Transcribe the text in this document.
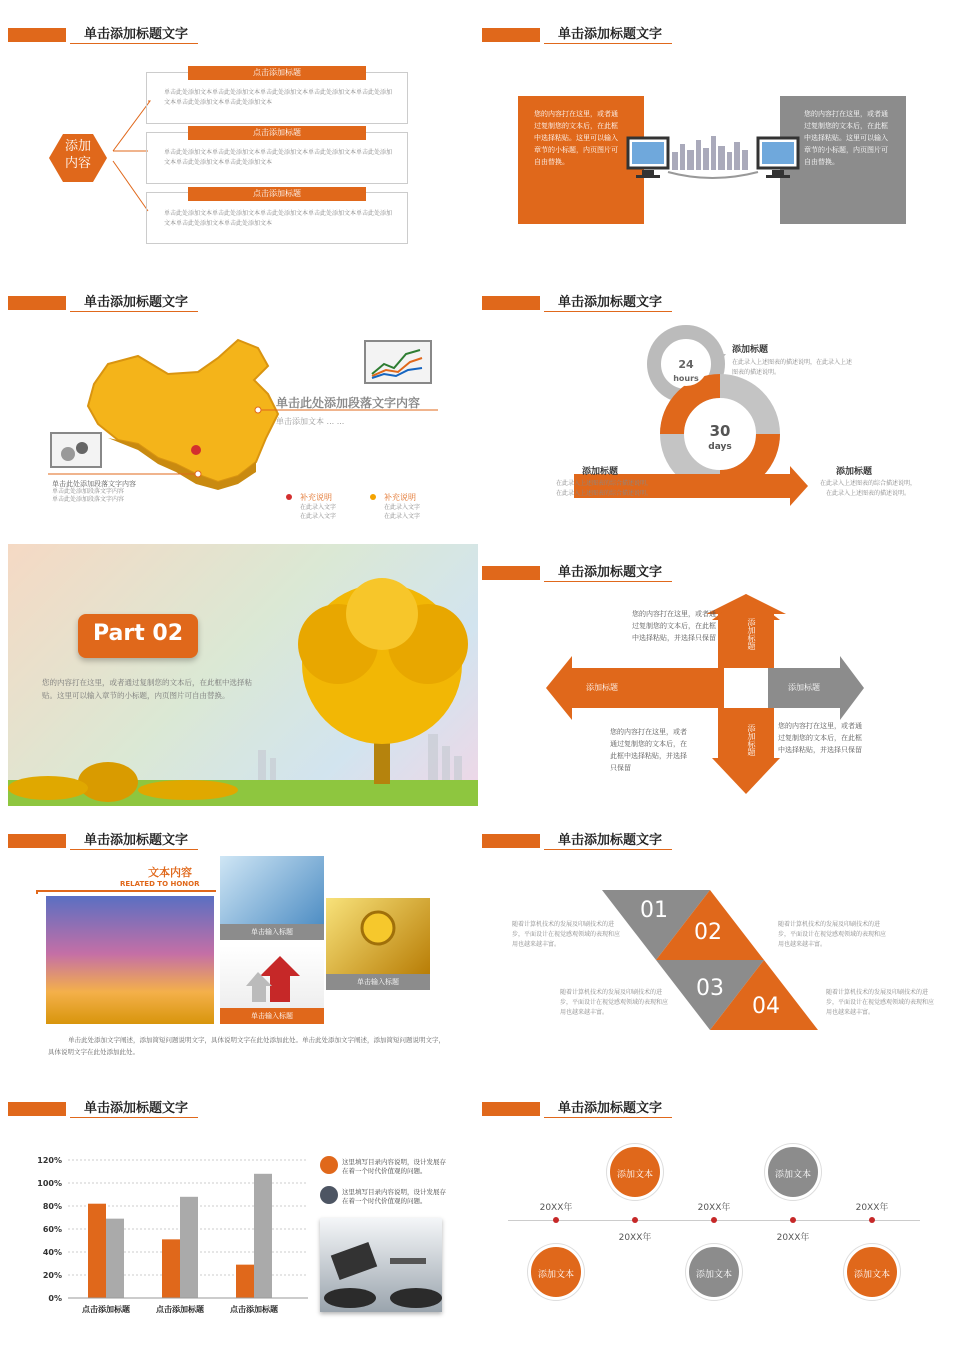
单击添加标题文字
添加
内容
点击添加标题
单击此处添加文本单击此处添加文本单击此处添加文本单击此处添加文本单击此处添加文本单击此处添加文本单击此处添加文本
点击添加标题
单击此处添加文本单击此处添加文本单击此处添加文本单击此处添加文本单击此处添加文本单击此处添加文本单击此处添加文本
点击添加标题
单击此处添加文本单击此处添加文本单击此处添加文本单击此处添加文本单击此处添加文本单击此处添加文本单击此处添加文本
单击添加标题文字
您的内容打在这里，或者通过复制您的文本后，在此框中选择粘贴。这里可以输入章节的小标题，内页图片可自由替换。
您的内容打在这里，或者通过复制您的文本后，在此框中选择粘贴。这里可以输入章节的小标题，内页图片可自由替换。
单击添加标题文字
单击此处添加段落文字内容
单击添加文本 ... ...
单击此处添加段落文字内容
单击此处添加段落文字内容
单击此处添加段落文字内容	补充说明
在此录入文字
在此录入文字
补充说明
在此录入文字
在此录入文字
单击添加标题文字
24
hours
30
days
添加标题
在此录入上述图表的描述说明，在此录入上述图表的描述说明。
添加标题
在此录入上述图表的综合描述说明，在此录入上述图表的综合描述说明。
添加标题
在此录入上述图表的综合描述说明，在此录入上述图表的描述说明。
Part 02
您的内容打在这里，或者通过复制您的文本后，在此框中选择粘贴。这里可以输入章节的小标题，内页图片可自由替换。
单击添加标题文字
添加标题
添加标题
添加标题	添加标题
您的内容打在这里，或者通过复制您的文本后，在此框中选择粘贴，并选择只保留
您的内容打在这里，或者通过复制您的文本后，在此框中选择粘贴，并选择只保留
您的内容打在这里，或者通过复制您的文本后，在此框中选择粘贴，并选择只保留
单击添加标题文字
文本内容
RELATED TO HONOR
单击输入标题
单击输入标题
单击输入标题
单击此处添加文字阐述，添加简短问题说明文字，具体说明文字在此处添加此处。单击此处添加文字阐述，添加简短问题说明文字，具体说明文字在此处添加此处。
单击添加标题文字
01
02
03
04
随着计算机技术的发展及印刷技术的进步，平面设计在视觉感观领域的表现和应用也越来越丰富。
随着计算机技术的发展及印刷技术的进步，平面设计在视觉感观领域的表现和应用也越来越丰富。
随着计算机技术的发展及印刷技术的进步，平面设计在视觉感观领域的表现和应用也越来越丰富。
随着计算机技术的发展及印刷技术的进步，平面设计在视觉感观领域的表现和应用也越来越丰富。
单击添加标题文字
0%
20%
40%
60%
80%
100%
120%
点击添加标题	点击添加标题	点击添加标题
这里填写目录内容说明，设计发展存在着一个时代价值观的问题。
这里填写目录内容说明，设计发展存在着一个时代价值观的问题。
单击添加标题文字
添加文本
20XX年
添加文本
20XX年
添加文本
20XX年
添加文本
20XX年
添加文本
20XX年
